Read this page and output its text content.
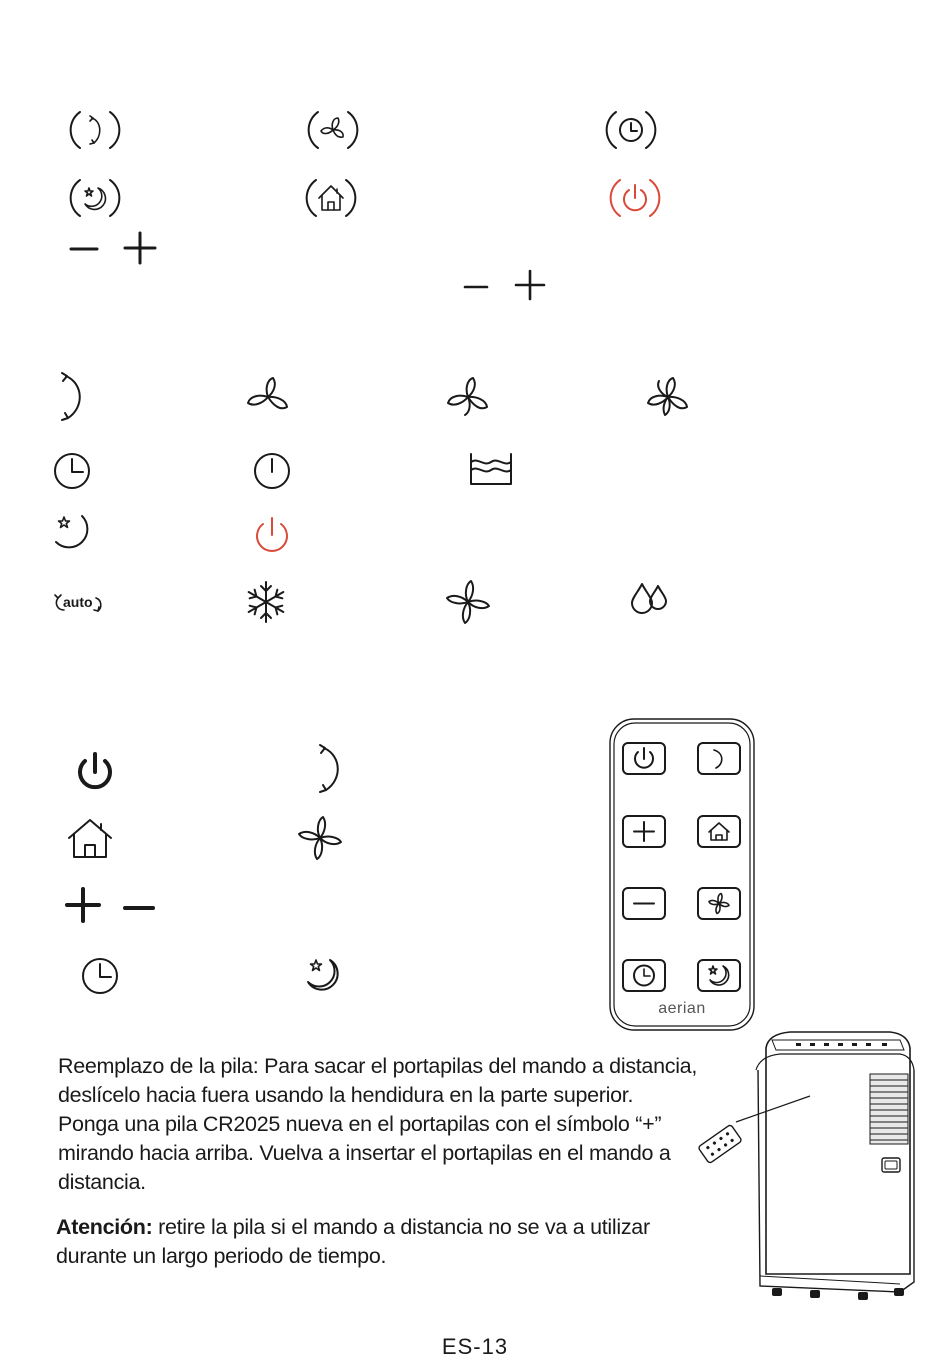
auto
aerian
Reemplazo de la pila: Para sacar el portapilas del mando a distancia, deslícelo hacia fuera usando la hendidura en la parte superior. Ponga una pila CR2025 nueva en el portapilas con el símbolo “+” mirando hacia arriba. Vuelva a insertar el portapilas en el mando a distancia.
Atención: retire la pila si el mando a distancia no se va a utilizar durante un largo periodo de tiempo.
ES-13
